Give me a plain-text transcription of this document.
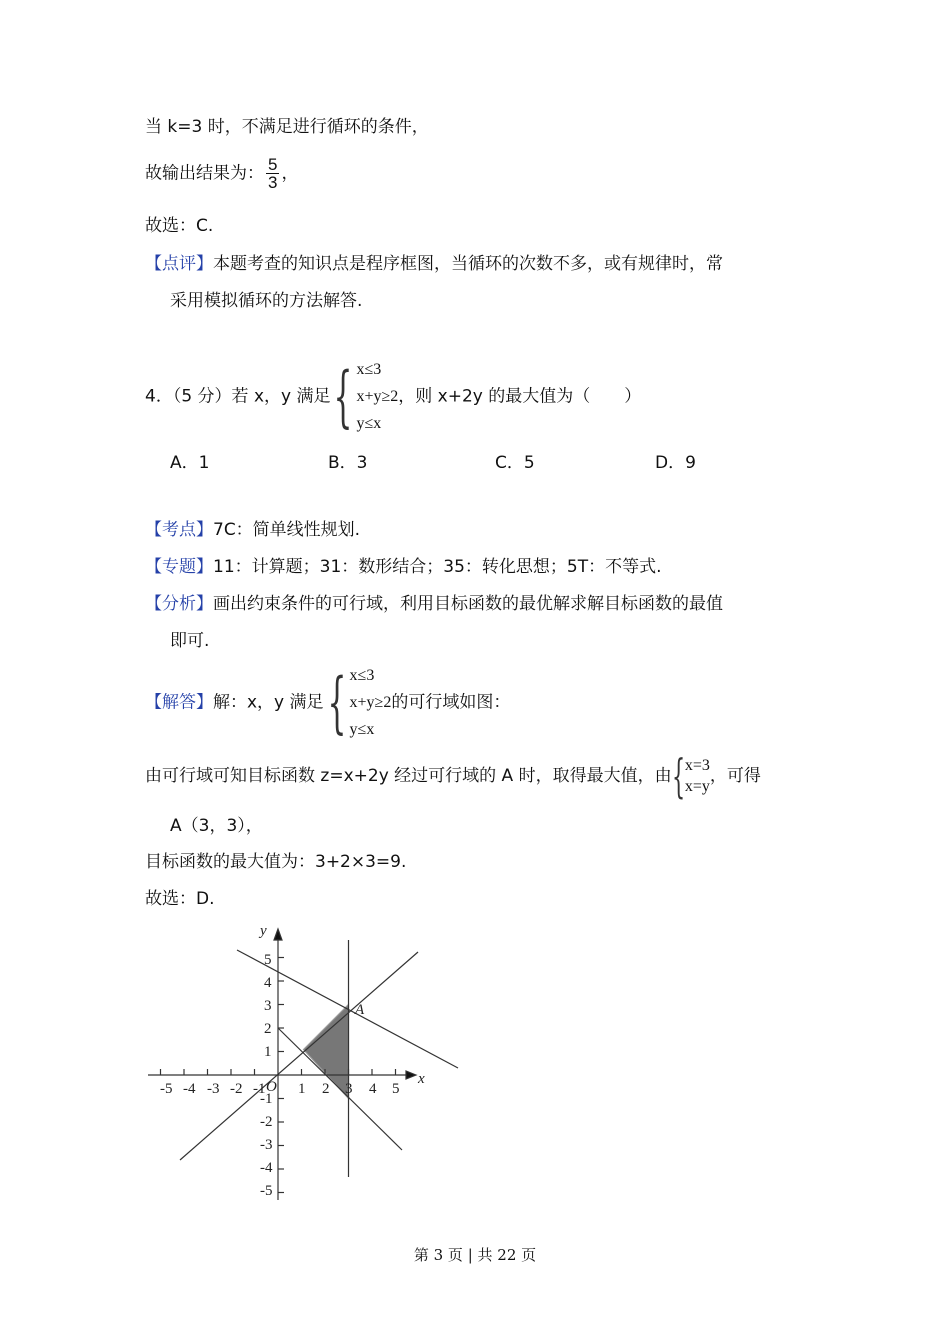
当 k=3 时，不满足进行循环的条件，
故输出结果为： $\frac{5}{3}$ ，
故选：C.
【点评】本题考查的知识点是程序框图，当循环的次数不多，或有规律时，常
采用模拟循环的方法解答.
4．（5 分）若 x，y 满足 { x≤3
x+y≥2
y≤x
，则 x+2y 的最大值为（　　）
A．1	B．3	C．5	D．9
【考点】7C：简单线性规划.
【专题】11：计算题；31：数形结合；35：转化思想；5T：不等式.
【分析】画出约束条件的可行域，利用目标函数的最优解求解目标函数的最值
即可.
【解答】解：x，y 满足 { x≤3
x+y≥2
y≤x
的可行域如图：
由可行域可知目标函数 z=x+2y 经过可行域的 A 时，取得最大值，由 { x=3
x=y
，可得
A（3，3），
目标函数的最大值为：3+2×3=9.
故选：D.
-5 -4 -3 -2 -1 1 2 3 4 5
5
4
3
2
1
-1
-2
-3
-4
-5
x
y
O
A
第 3 页 | 共 22 页
